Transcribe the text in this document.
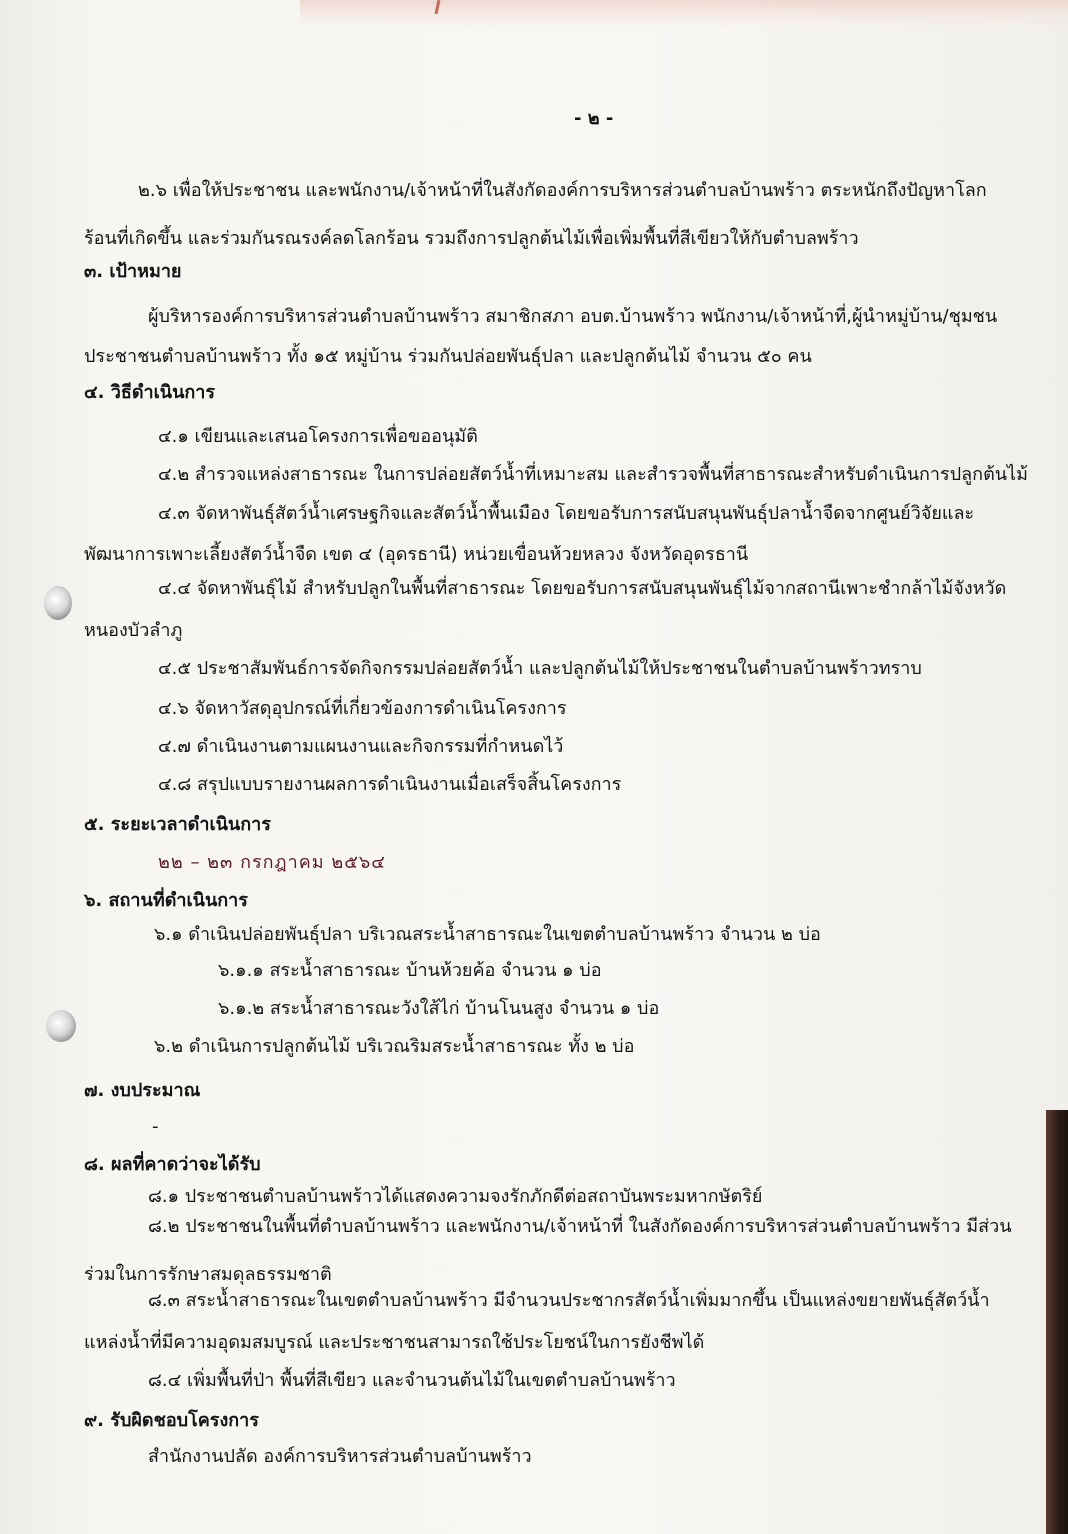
- ๒ -
๒.๖ เพื่อให้ประชาชน และพนักงาน/เจ้าหน้าที่ในสังกัดองค์การบริหารส่วนตำบลบ้านพร้าว ตระหนักถึงปัญหาโลก
ร้อนที่เกิดขึ้น และร่วมกันรณรงค์ลดโลกร้อน รวมถึงการปลูกต้นไม้เพื่อเพิ่มพื้นที่สีเขียวให้กับตำบลพร้าว
๓. เป้าหมาย
ผู้บริหารองค์การบริหารส่วนตำบลบ้านพร้าว สมาชิกสภา อบต.บ้านพร้าว พนักงาน/เจ้าหน้าที่,ผู้นำหมู่บ้าน/ชุมชน
ประชาชนตำบลบ้านพร้าว ทั้ง ๑๕ หมู่บ้าน ร่วมกันปล่อยพันธุ์ปลา และปลูกต้นไม้ จำนวน ๕๐ คน
๔. วิธีดำเนินการ
๔.๑ เขียนและเสนอโครงการเพื่อขออนุมัติ
๔.๒ สำรวจแหล่งสาธารณะ ในการปล่อยสัตว์น้ำที่เหมาะสม และสำรวจพื้นที่สาธารณะสำหรับดำเนินการปลูกต้นไม้
๔.๓ จัดหาพันธุ์สัตว์น้ำเศรษฐกิจและสัตว์น้ำพื้นเมือง โดยขอรับการสนับสนุนพันธุ์ปลาน้ำจืดจากศูนย์วิจัยและ
พัฒนาการเพาะเลี้ยงสัตว์น้ำจืด เขต ๔ (อุดรธานี) หน่วยเขื่อนห้วยหลวง จังหวัดอุดรธานี
๔.๔ จัดหาพันธุ์ไม้ สำหรับปลูกในพื้นที่สาธารณะ โดยขอรับการสนับสนุนพันธุ์ไม้จากสถานีเพาะชำกล้าไม้จังหวัด
หนองบัวลำภู
๔.๕ ประชาสัมพันธ์การจัดกิจกรรมปล่อยสัตว์น้ำ และปลูกต้นไม้ให้ประชาชนในตำบลบ้านพร้าวทราบ
๔.๖ จัดหาวัสดุอุปกรณ์ที่เกี่ยวข้องการดำเนินโครงการ
๔.๗ ดำเนินงานตามแผนงานและกิจกรรมที่กำหนดไว้
๔.๘ สรุปแบบรายงานผลการดำเนินงานเมื่อเสร็จสิ้นโครงการ
๕. ระยะเวลาดำเนินการ
๒๒ – ๒๓ กรกฎาคม ๒๕๖๔
๖. สถานที่ดำเนินการ
๖.๑ ดำเนินปล่อยพันธุ์ปลา บริเวณสระน้ำสาธารณะในเขตตำบลบ้านพร้าว จำนวน ๒ บ่อ
๖.๑.๑ สระน้ำสาธารณะ บ้านห้วยค้อ จำนวน ๑ บ่อ
๖.๑.๒ สระน้ำสาธารณะวังใส้ไก่ บ้านโนนสูง จำนวน ๑ บ่อ
๖.๒ ดำเนินการปลูกต้นไม้ บริเวณริมสระน้ำสาธารณะ ทั้ง ๒ บ่อ
๗. งบประมาณ
-
๘. ผลที่คาดว่าจะได้รับ
๘.๑ ประชาชนตำบลบ้านพร้าวได้แสดงความจงรักภักดีต่อสถาบันพระมหากษัตริย์
๘.๒ ประชาชนในพื้นที่ตำบลบ้านพร้าว และพนักงาน/เจ้าหน้าที่ ในสังกัดองค์การบริหารส่วนตำบลบ้านพร้าว มีส่วน
ร่วมในการรักษาสมดุลธรรมชาติ
๘.๓ สระน้ำสาธารณะในเขตตำบลบ้านพร้าว มีจำนวนประชากรสัตว์น้ำเพิ่มมากขึ้น เป็นแหล่งขยายพันธุ์สัตว์น้ำ
แหล่งน้ำที่มีความอุดมสมบูรณ์ และประชาชนสามารถใช้ประโยชน์ในการยังชีพได้
๘.๔ เพิ่มพื้นที่ป่า พื้นที่สีเขียว และจำนวนต้นไม้ในเขตตำบลบ้านพร้าว
๙. รับผิดชอบโครงการ
สำนักงานปลัด องค์การบริหารส่วนตำบลบ้านพร้าว
